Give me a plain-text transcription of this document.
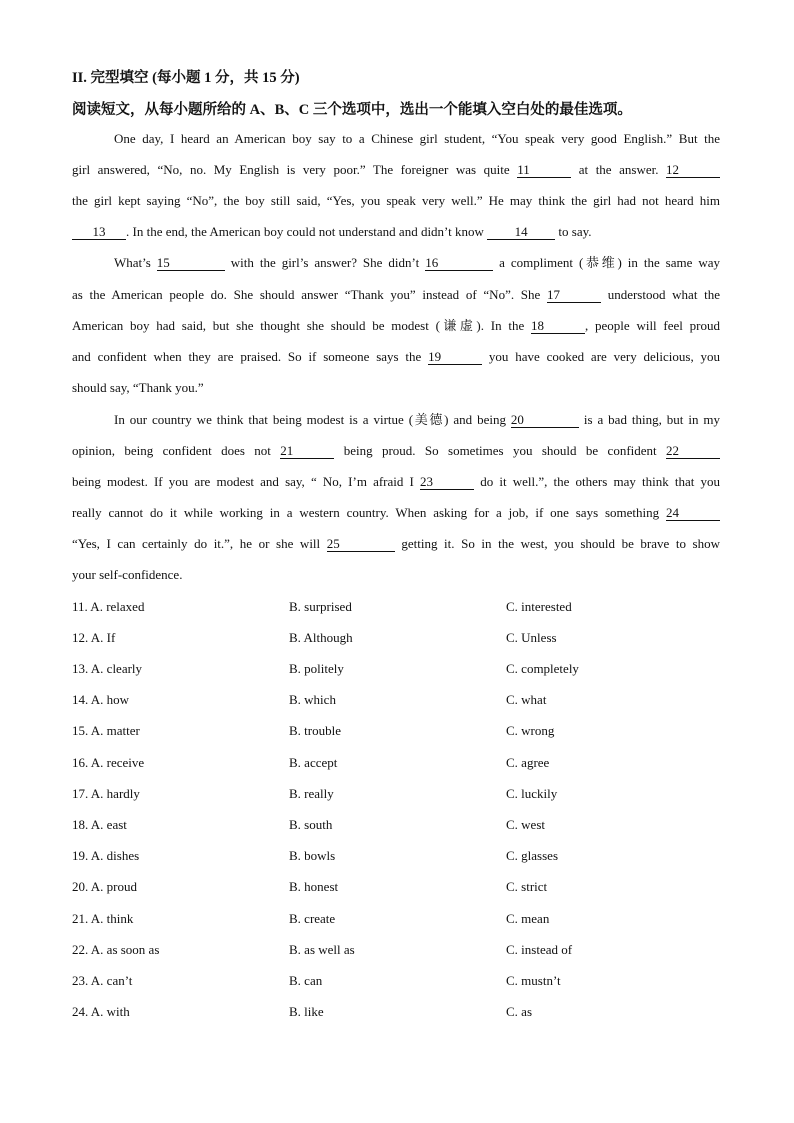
II. 完型填空 (每小题 1 分，共 15 分)
阅读短文，从每小题所给的 A、B、C 三个选项中，选出一个能填入空白处的最佳选项。
One day, I heard an American boy say to a Chinese girl student, “You speak very good English.” But the
girl answered, “No, no. My English is very poor.” The foreigner was quite 11	at the answer. 12
the girl kept saying “No”, the boy still said, “Yes, you speak very well.” He may think the girl had not heard him
13 . In the end, the American boy could not understand and didn’t know 14 to say.
What’s 15	with the girl’s answer? She didn’t 16	a compliment (恭维) in the same way
as the American people do. She should answer “Thank you” instead of “No”. She 17	understood what the
American boy had said, but she thought she should be modest (谦虚). In the 18	, people will feel proud
and confident when they are praised. So if someone says the 19	you have cooked are very delicious, you
should say, “Thank you.”
In our country we think that being modest is a virtue (美德) and being 20	is a bad thing, but in my
opinion, being confident does not 21	being proud. So sometimes you should be confident 22
being modest. If you are modest and say, “ No, I’m afraid I 23	do it well.”, the others may think that you
really cannot do it while working in a western country. When asking for a job, if one says something 24
“Yes, I can certainly do it.”, he or she will 25	getting it. So in the west, you should be brave to show
your self-confidence.
11. A. relaxed	B. surprised	C. interested
12. A. If	B. Although	C. Unless
13. A. clearly	B. politely	C. completely
14. A. how	B. which	C. what
15. A. matter	B. trouble	C. wrong
16. A. receive	B. accept	C. agree
17. A. hardly	B. really	C. luckily
18. A. east	B. south	C. west
19. A. dishes	B. bowls	C. glasses
20. A. proud	B. honest	C. strict
21. A. think	B. create	C. mean
22. A. as soon as	B. as well as	C. instead of
23. A. can’t	B. can	C. mustn’t
24. A. with	B. like	C. as
